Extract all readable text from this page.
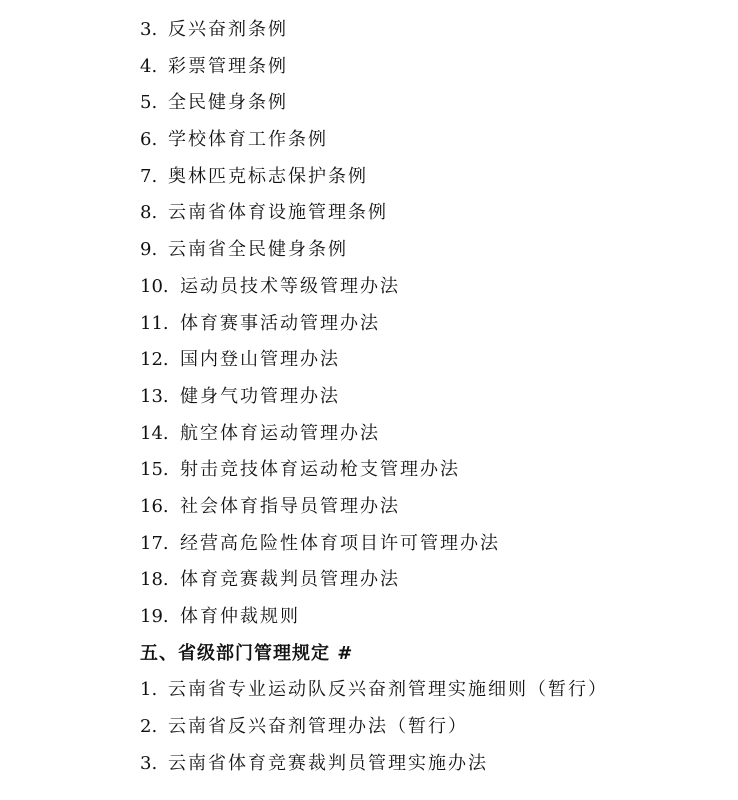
3. 反兴奋剂条例
4. 彩票管理条例
5. 全民健身条例
6. 学校体育工作条例
7. 奥林匹克标志保护条例
8. 云南省体育设施管理条例
9. 云南省全民健身条例
10. 运动员技术等级管理办法
11. 体育赛事活动管理办法
12. 国内登山管理办法
13. 健身气功管理办法
14. 航空体育运动管理办法
15. 射击竞技体育运动枪支管理办法
16. 社会体育指导员管理办法
17. 经营高危险性体育项目许可管理办法
18. 体育竞赛裁判员管理办法
19. 体育仲裁规则
五、省级部门管理规定 #
1. 云南省专业运动队反兴奋剂管理实施细则（暂行）
2. 云南省反兴奋剂管理办法（暂行）
3. 云南省体育竞赛裁判员管理实施办法
